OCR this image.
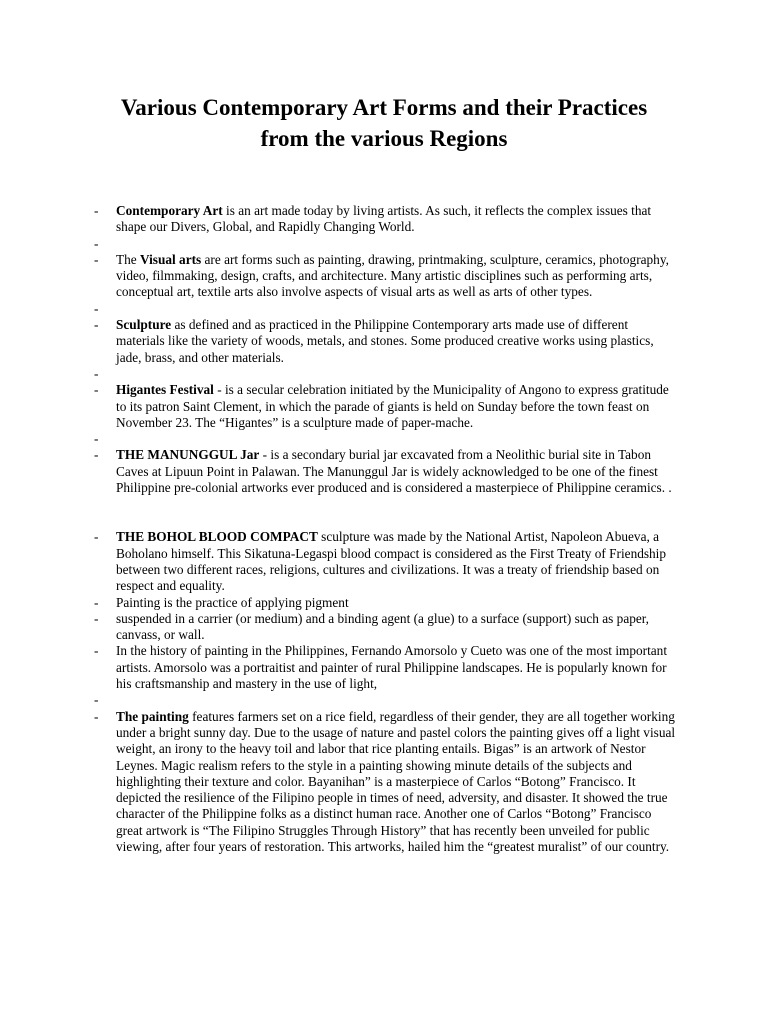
Various Contemporary Art Forms and their Practices
from the various Regions
- Contemporary Art is an art made today by living artists. As such, it reflects the complex issues that shape our Divers, Global, and Rapidly Changing World.
-
- The Visual arts are art forms such as painting, drawing, printmaking, sculpture, ceramics, photography, video, filmmaking, design, crafts, and architecture. Many artistic disciplines such as performing arts, conceptual art, textile arts also involve aspects of visual arts as well as arts of other types.
-
- Sculpture as defined and as practiced in the Philippine Contemporary arts made use of different materials like the variety of woods, metals, and stones. Some produced creative works using plastics, jade, brass, and other materials.
-
- Higantes Festival - is a secular celebration initiated by the Municipality of Angono to express gratitude to its patron Saint Clement, in which the parade of giants is held on Sunday before the town feast on November 23. The “Higantes” is a sculpture made of paper-mache.
-
- THE MANUNGGUL Jar - is a secondary burial jar excavated from a Neolithic burial site in Tabon Caves at Lipuun Point in Palawan. The Manunggul Jar is widely acknowledged to be one of the finest Philippine pre-colonial artworks ever produced and is considered a masterpiece of Philippine ceramics. .
- THE BOHOL BLOOD COMPACT sculpture was made by the National Artist, Napoleon Abueva, a Boholano himself. This Sikatuna-Legaspi blood compact is considered as the First Treaty of Friendship between two different races, religions, cultures and civilizations. It was a treaty of friendship based on respect and equality.
- Painting is the practice of applying pigment
- suspended in a carrier (or medium) and a binding agent (a glue) to a surface (support) such as paper, canvass, or wall.
- In the history of painting in the Philippines, Fernando Amorsolo y Cueto was one of the most important artists. Amorsolo was a portraitist and painter of rural Philippine landscapes. He is popularly known for his craftsmanship and mastery in the use of light,
-
- The painting features farmers set on a rice field, regardless of their gender, they are all together working under a bright sunny day. Due to the usage of nature and pastel colors the painting gives off a light visual weight, an irony to the heavy toil and labor that rice planting entails. Bigas” is an artwork of Nestor Leynes. Magic realism refers to the style in a painting showing minute details of the subjects and highlighting their texture and color. Bayanihan” is a masterpiece of Carlos “Botong” Francisco. It depicted the resilience of the Filipino people in times of need, adversity, and disaster. It showed the true character of the Philippine folks as a distinct human race. Another one of Carlos “Botong” Francisco great artwork is “The Filipino Struggles Through History” that has recently been unveiled for public viewing, after four years of restoration. This artworks, hailed him the “greatest muralist” of our country.
